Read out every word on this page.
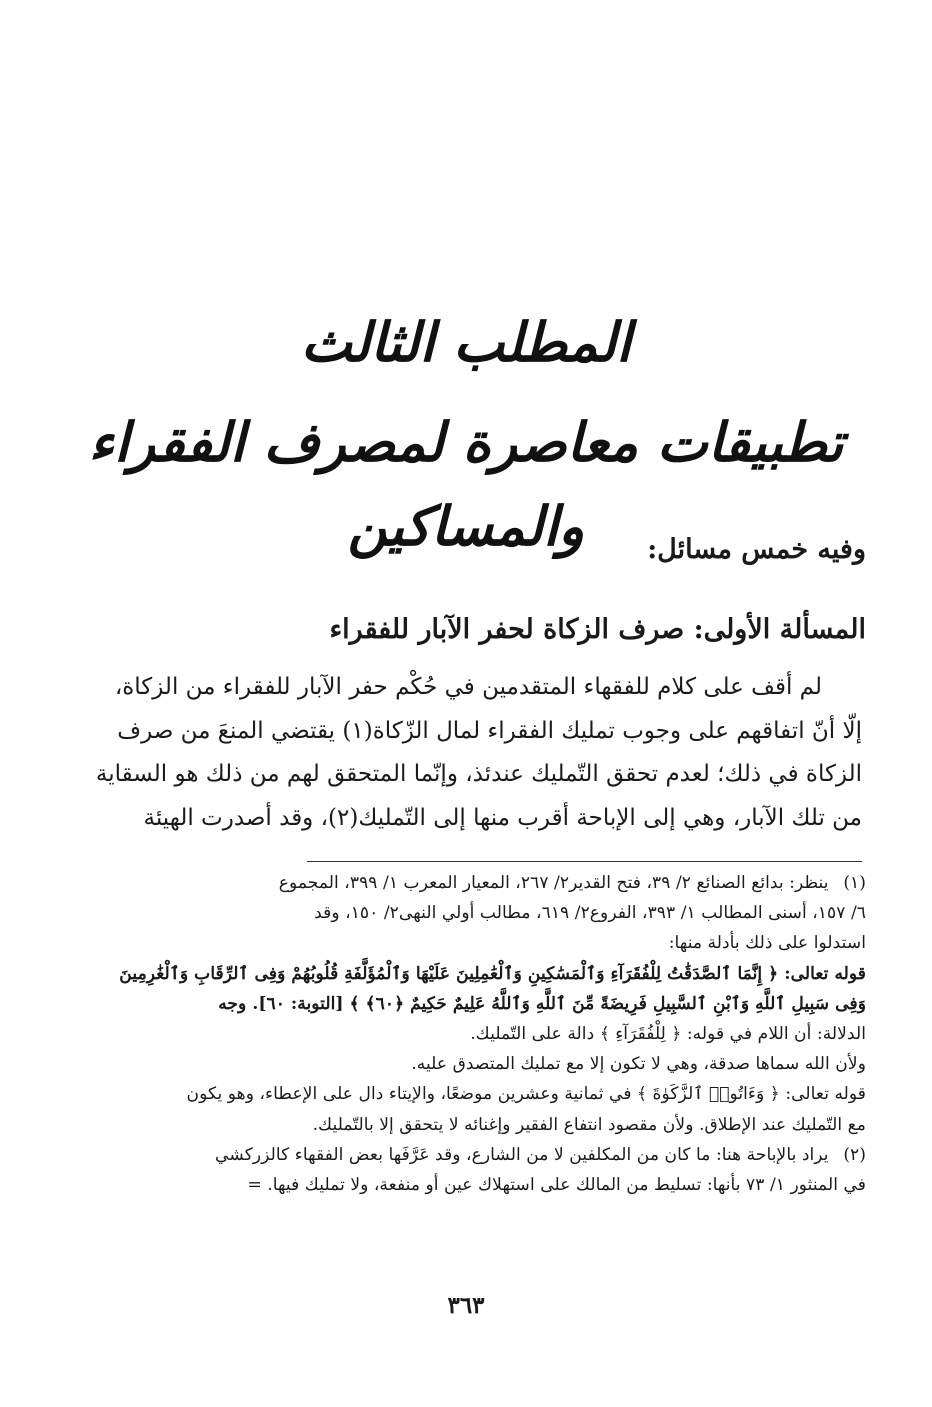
المطلب الثالث
تطبيقات معاصرة لمصرف الفقراء والمساكين	وفيه خمس مسائل:
المسألة الأولى: صرف الزكاة لحفر الآبار للفقراء

لم أقف على كلام للفقهاء المتقدمين في حُكْم حفر الآبار للفقراء من الزكاة،

إلّا أنّ اتفاقهم على وجوب تمليك الفقراء لمال الزّكاة(١) يقتضي المنعَ من صرف

الزكاة في ذلك؛ لعدم تحقق التّمليك عندئذ، وإنّما المتحقق لهم من ذلك هو السقاية

من تلك الآبار، وهي إلى الإباحة أقرب منها إلى التّمليك(٢)، وقد أصدرت الهيئة

(١) ينظر: بدائع الصنائع ٢/ ٣٩، فتح القدير٢/ ٢٦٧، المعيار المعرب ١/ ٣٩٩، المجموع
٦/ ١٥٧، أسنى المطالب ١/ ٣٩٣، الفروع٢/ ٦١٩، مطالب أولي النهى٢/ ١٥٠، وقد
استدلوا على ذلك بأدلة منها:
قوله تعالى: ﴿ إِنَّمَا ٱلصَّدَقَٰتُ لِلْفُقَرَآءِ وَٱلْمَسَٰكِينِ وَٱلْعَٰمِلِينَ عَلَيْهَا وَٱلْمُؤَلَّفَةِ قُلُوبُهُمْ وَفِى ٱلرِّقَابِ وَٱلْغَٰرِمِينَ
وَفِى سَبِيلِ ٱللَّهِ وَٱبْنِ ٱلسَّبِيلِ فَرِيضَةً مِّنَ ٱللَّهِ وَٱللَّهُ عَلِيمٌ حَكِيمٌ ﴿٦٠﴾ ﴾ [التوبة: ٦٠]. وجه
الدلالة: أن اللام في قوله: ﴿ لِلْفُقَرَآءِ ﴾ دالة على التّمليك.
ولأن الله سماها صدقة، وهي لا تكون إلا مع تمليك المتصدق عليه.
قوله تعالى: ﴿ وَءَاتُوا۟ ٱلزَّكَوٰةَ ﴾ في ثمانية وعشرين موضعًا، والإيتاء دال على الإعطاء، وهو يكون
مع التّمليك عند الإطلاق. ولأن مقصود انتفاع الفقير وإغنائه لا يتحقق إلا بالتّمليك.
(٢) يراد بالإباحة هنا: ما كان من المكلفين لا من الشارع، وقد عَرَّفَها بعض الفقهاء كالزركشي
في المنثور ١/ ٧٣ بأنها: تسليط من المالك على استهلاك عين أو منفعة، ولا تمليك فيها. =
٣٦٣
